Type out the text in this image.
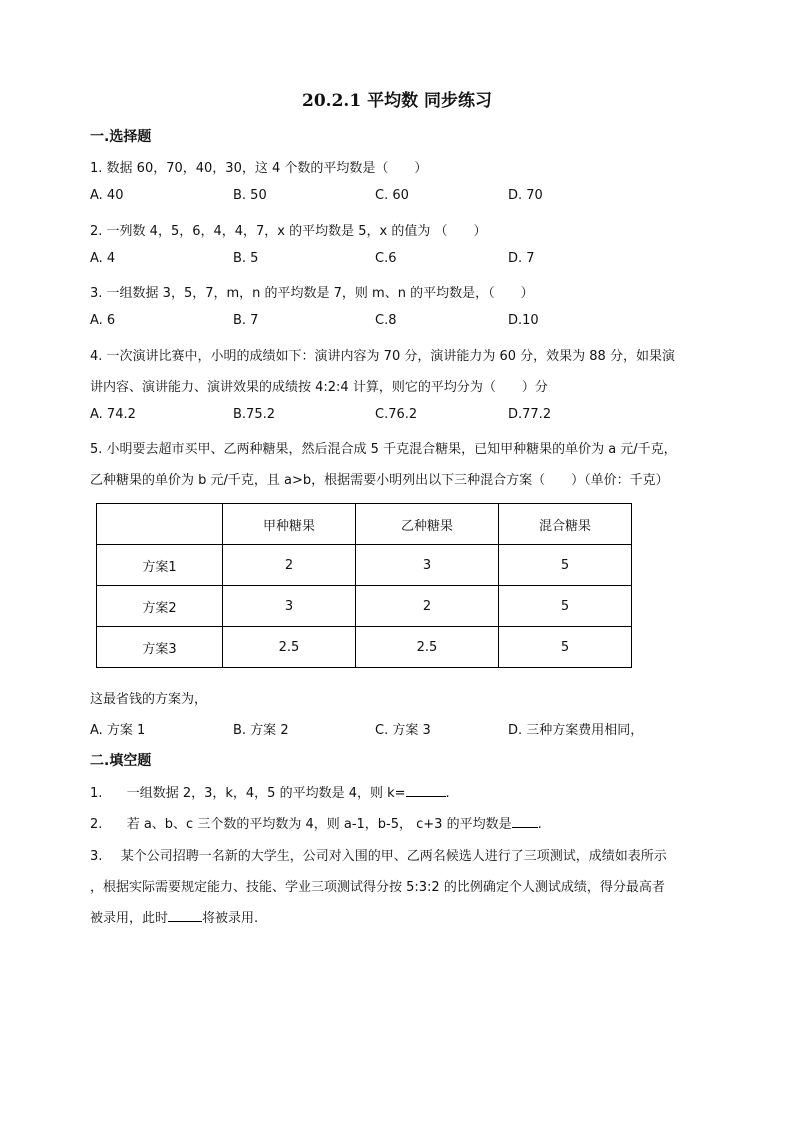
20.2.1 平均数 同步练习
一.选择题
1. 数据 60，70，40，30，这 4 个数的平均数是（　　）
A. 40	B. 50	C. 60	D. 70
2. 一列数 4，5，6，4，4，7，x 的平均数是 5，x 的值为 （　　）
A. 4	B. 5	C.6	D. 7
3. 一组数据 3，5，7，m，n 的平均数是 7，则 m、n 的平均数是，（　　）
A. 6	B. 7	C.8	D.10
4. 一次演讲比赛中，小明的成绩如下：演讲内容为 70 分，演讲能力为 60 分，效果为 88 分，如果演
讲内容、演讲能力、演讲效果的成绩按 4:2:4 计算，则它的平均分为（　　）分
A. 74.2	B.75.2	C.76.2	D.77.2
5. 小明要去超市买甲、乙两种糖果，然后混合成 5 千克混合糖果，已知甲种糖果的单价为 a 元/千克，
乙种糖果的单价为 b 元/千克，且 a>b，根据需要小明列出以下三种混合方案（　　）（单价：千克）
	甲种糖果	乙种糖果	混合糖果
方案1	2	3	5
方案2	3	2	5
方案3	2.5	2.5	5
这最省钱的方案为，
A. 方案 1	B. 方案 2	C. 方案 3	D. 三种方案费用相同，
二.填空题
1. 一组数据 2，3，k，4，5 的平均数是 4，则 k=	.
2. 若 a、b、c 三个数的平均数为 4，则 a-1，b-5， c+3 的平均数是 .
3. 某个公司招聘一名新的大学生，公司对入围的甲、乙两名候选人进行了三项测试，成绩如表所示
，根据实际需要规定能力、技能、学业三项测试得分按 5:3:2 的比例确定个人测试成绩，得分最高者
被录用，此时	将被录用.
